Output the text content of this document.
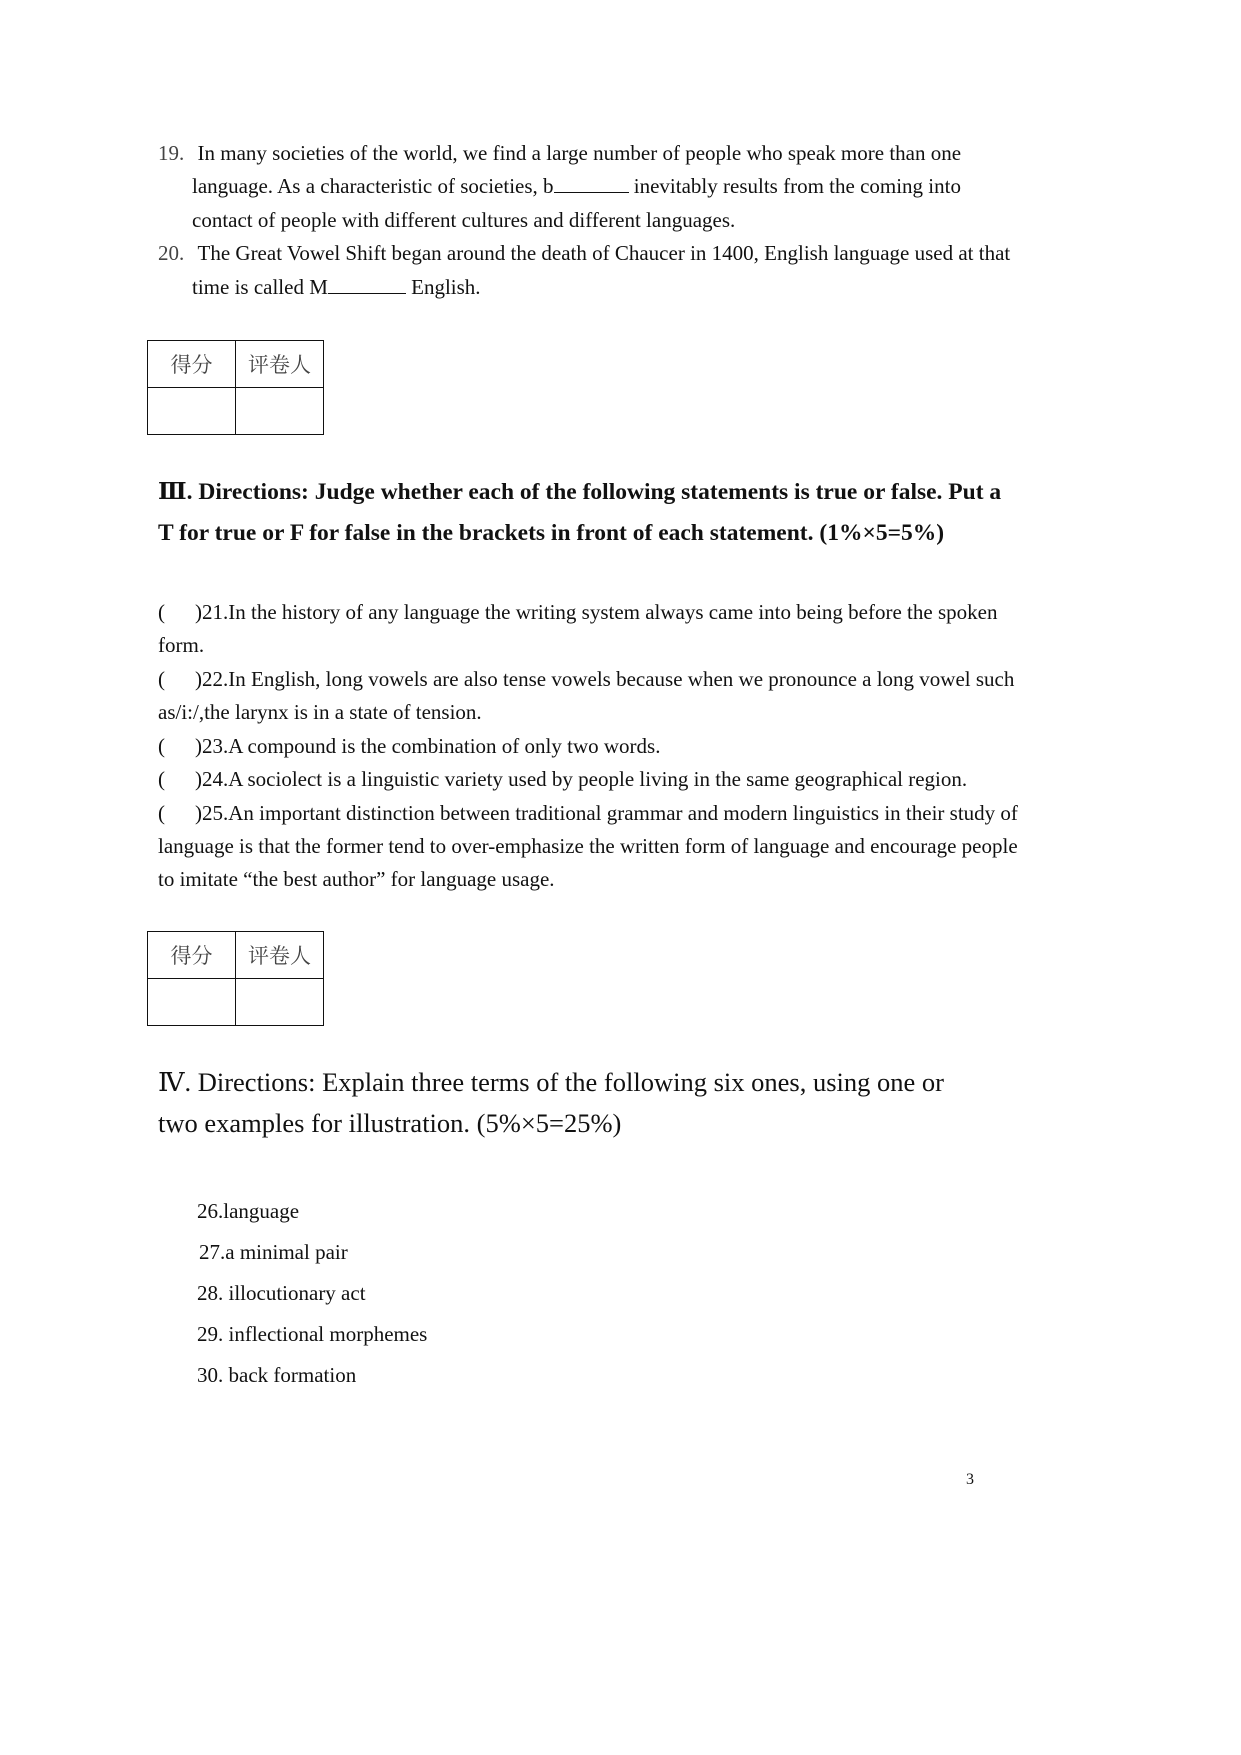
19. In many societies of the world, we find a large number of people who speak more than one
language. As a characteristic of societies, b	inevitably results from the coming into
contact of people with different cultures and different languages.
20. The Great Vowel Shift began around the death of Chaucer in 1400, English language used at that
time is called M	English.
得分	评卷人

Ⅲ. Directions: Judge whether each of the following statements is true or false. Put a
T for true or F for false in the brackets in front of each statement. (1%×5=5%)
( )21.In the history of any language the writing system always came into being before the spoken
form.
( )22.In English, long vowels are also tense vowels because when we pronounce a long vowel such
as/i:/,the larynx is in a state of tension.
( )23.A compound is the combination of only two words.
( )24.A sociolect is a linguistic variety used by people living in the same geographical region.
( )25.An important distinction between traditional grammar and modern linguistics in their study of
language is that the former tend to over-emphasize the written form of language and encourage people
to imitate “the best author” for language usage.
得分	评卷人

Ⅳ. Directions: Explain three terms of the following six ones, using one or
two examples for illustration. (5%×5=25%)
26.language
27.a minimal pair
28. illocutionary act
29. inflectional morphemes
30. back formation
3
